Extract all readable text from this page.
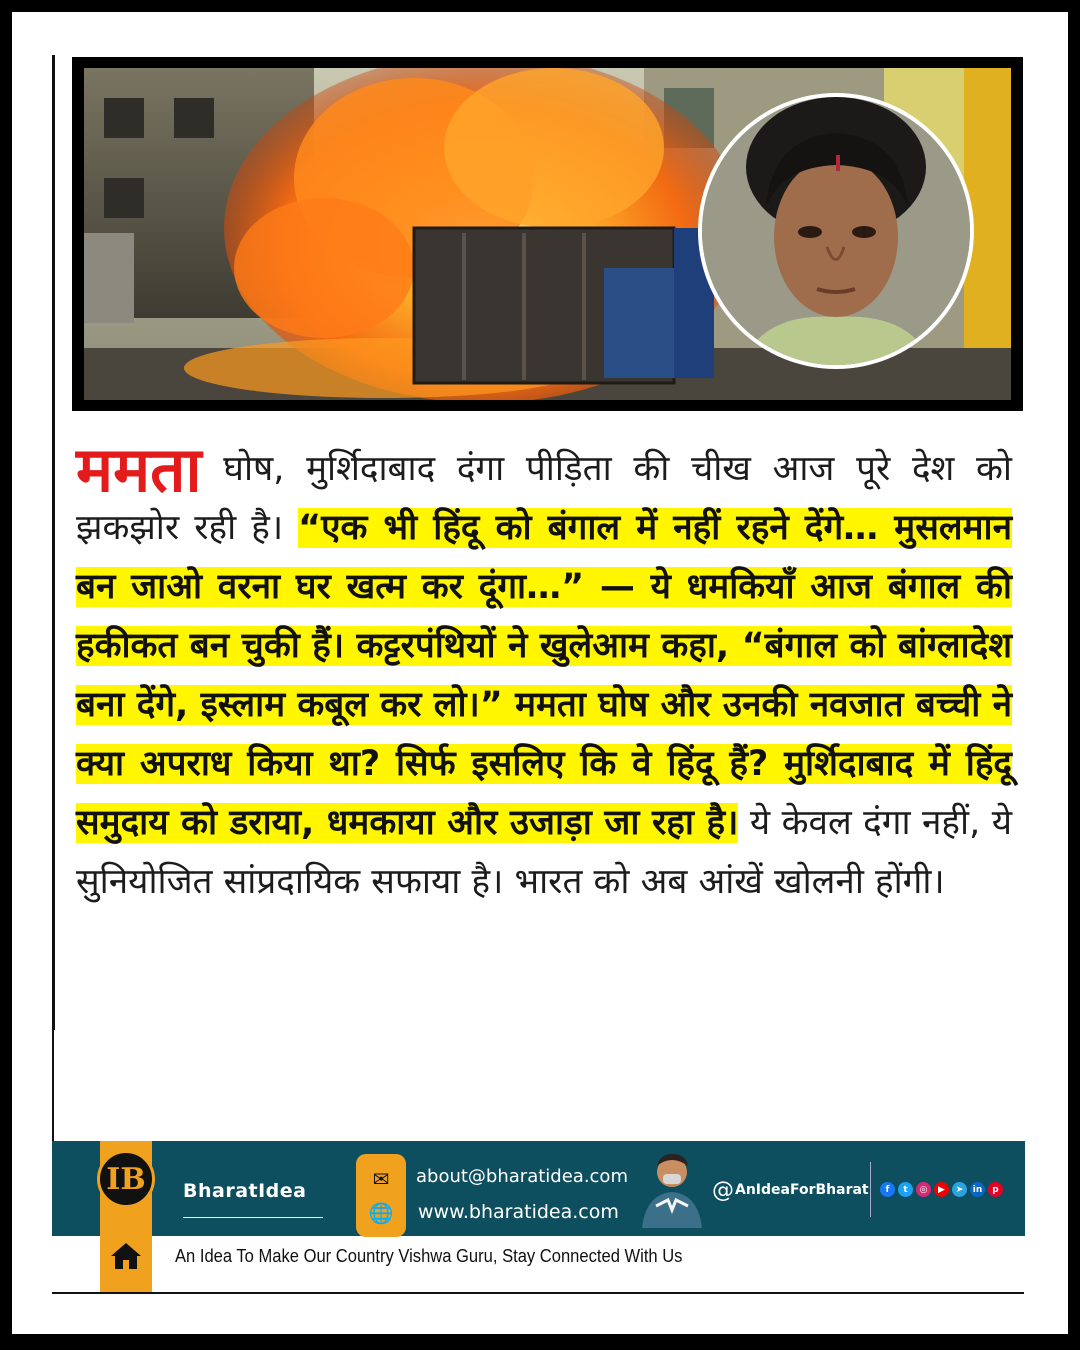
ममता घोष, मुर्शिदाबाद दंगा पीड़िता की चीख आज पूरे देश को झकझोर रही है। “एक भी हिंदू को बंगाल में नहीं रहने देंगे… मुसलमान बन जाओ वरना घर खत्म कर दूंगा…” — ये धमकियाँ आज बंगाल की हकीकत बन चुकी हैं। कट्टरपंथियों ने खुलेआम कहा, “बंगाल को बांग्लादेश बना देंगे, इस्लाम कबूल कर लो।” ममता घोष और उनकी नवजात बच्ची ने क्या अपराध किया था? सिर्फ इसलिए कि वे हिंदू हैं? मुर्शिदाबाद में हिंदू समुदाय को डराया, धमकाया और उजाड़ा जा रहा है। ये केवल दंगा नहीं, ये सुनियोजित सांप्रदायिक सफाया है। भारत को अब आंखें खोलनी होंगी।
IB	BharatIdea	✉
🌐
about@bharatidea.com
www.bharatidea.com
@AnIdeaForBharat	f	t	◎	▶	➤	in	p
An Idea To Make Our Country Vishwa Guru, Stay Connected With Us
